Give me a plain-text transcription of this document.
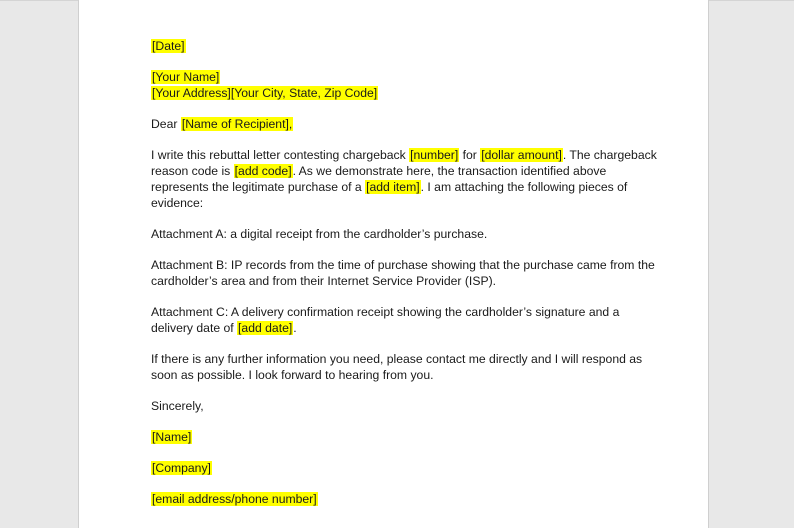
[Date]
[Your Name]
[Your Address][Your City, State, Zip Code]
Dear [Name of Recipient],
I write this rebuttal letter contesting chargeback [number] for [dollar amount]. The chargeback reason code is [add code]. As we demonstrate here, the transaction identified above represents the legitimate purchase of a [add item]. I am attaching the following pieces of evidence:
Attachment A: a digital receipt from the cardholder’s purchase.
Attachment B: IP records from the time of purchase showing that the purchase came from the cardholder’s area and from their Internet Service Provider (ISP).
Attachment C: A delivery confirmation receipt showing the cardholder’s signature and a delivery date of [add date].
If there is any further information you need, please contact me directly and I will respond as soon as possible. I look forward to hearing from you.
Sincerely,
[Name]
[Company]
[email address/phone number]
